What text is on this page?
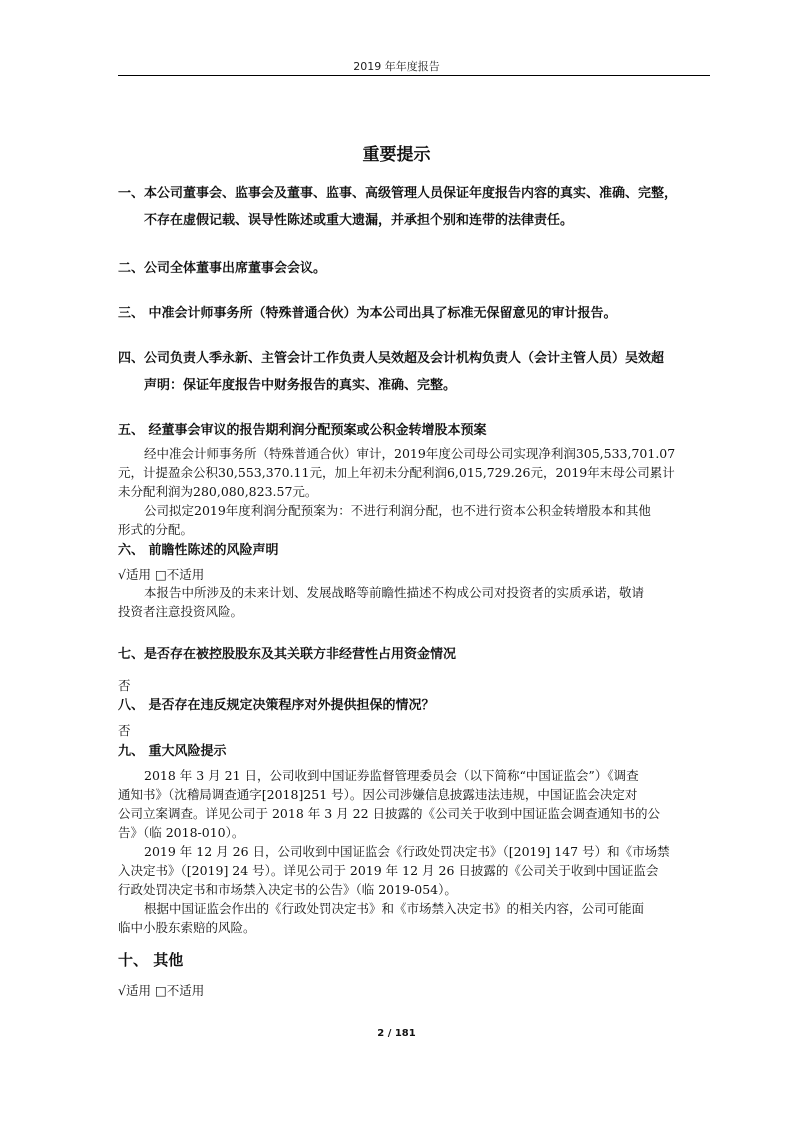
2019 年年度报告
重要提示
一、本公司董事会、监事会及董事、监事、高级管理人员保证年度报告内容的真实、准确、完整，
不存在虚假记载、误导性陈述或重大遗漏，并承担个别和连带的法律责任。
二、公司全体董事出席董事会会议。
三、 中准会计师事务所（特殊普通合伙）为本公司出具了标准无保留意见的审计报告。
四、公司负责人季永新、主管会计工作负责人吴效超及会计机构负责人（会计主管人员）吴效超
声明：保证年度报告中财务报告的真实、准确、完整。
五、 经董事会审议的报告期利润分配预案或公积金转增股本预案
经中准会计师事务所（特殊普通合伙）审计，2019年度公司母公司实现净利润305,533,701.07
元，计提盈余公积30,553,370.11元，加上年初未分配利润6,015,729.26元，2019年末母公司累计
未分配利润为280,080,823.57元。
公司拟定2019年度利润分配预案为：不进行利润分配，也不进行资本公积金转增股本和其他
形式的分配。
六、 前瞻性陈述的风险声明
√适用 □不适用
本报告中所涉及的未来计划、发展战略等前瞻性描述不构成公司对投资者的实质承诺，敬请
投资者注意投资风险。
七、是否存在被控股股东及其关联方非经营性占用资金情况
否
八、 是否存在违反规定决策程序对外提供担保的情况？
否
九、 重大风险提示
2018 年 3 月 21 日，公司收到中国证券监督管理委员会（以下简称“中国证监会”）《调查
通知书》（沈稽局调查通字[2018]251 号）。因公司涉嫌信息披露违法违规，中国证监会决定对
公司立案调查。详见公司于 2018 年 3 月 22 日披露的《公司关于收到中国证监会调查通知书的公
告》（临 2018-010）。
2019 年 12 月 26 日，公司收到中国证监会《行政处罚决定书》（[2019] 147 号）和《市场禁
入决定书》（[2019] 24 号）。详见公司于 2019 年 12 月 26 日披露的《公司关于收到中国证监会
行政处罚决定书和市场禁入决定书的公告》（临 2019-054）。
根据中国证监会作出的《行政处罚决定书》和《市场禁入决定书》的相关内容，公司可能面
临中小股东索赔的风险。
十、 其他
√适用 □不适用
2 / 181
